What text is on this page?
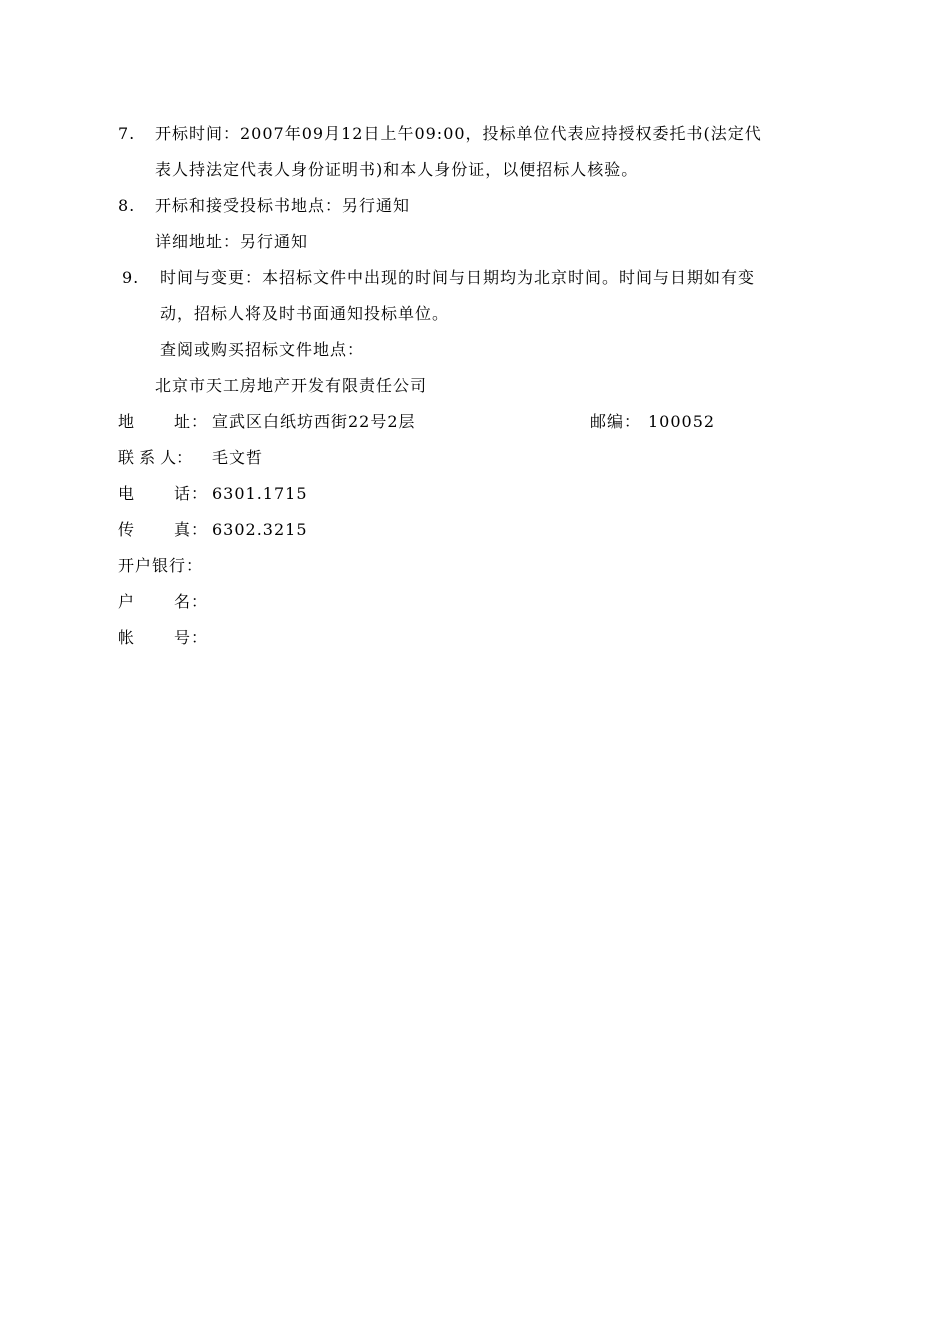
7. 开标时间：2007年09月12日上午09:00，投标单位代表应持授权委托书(法定代
表人持法定代表人身份证明书)和本人身份证，以便招标人核验。
8. 开标和接受投标书地点：另行通知
详细地址：另行通知
9. 时间与变更：本招标文件中出现的时间与日期均为北京时间。时间与日期如有变
动，招标人将及时书面通知投标单位。
查阅或购买招标文件地点：
北京市天工房地产开发有限责任公司
地 址： 宣武区白纸坊西街22号2层	邮编： 100052
联 系 人： 毛文哲
电 话： 6301.1715
传 真： 6302.3215
开户银行：
户 名：
帐 号：
